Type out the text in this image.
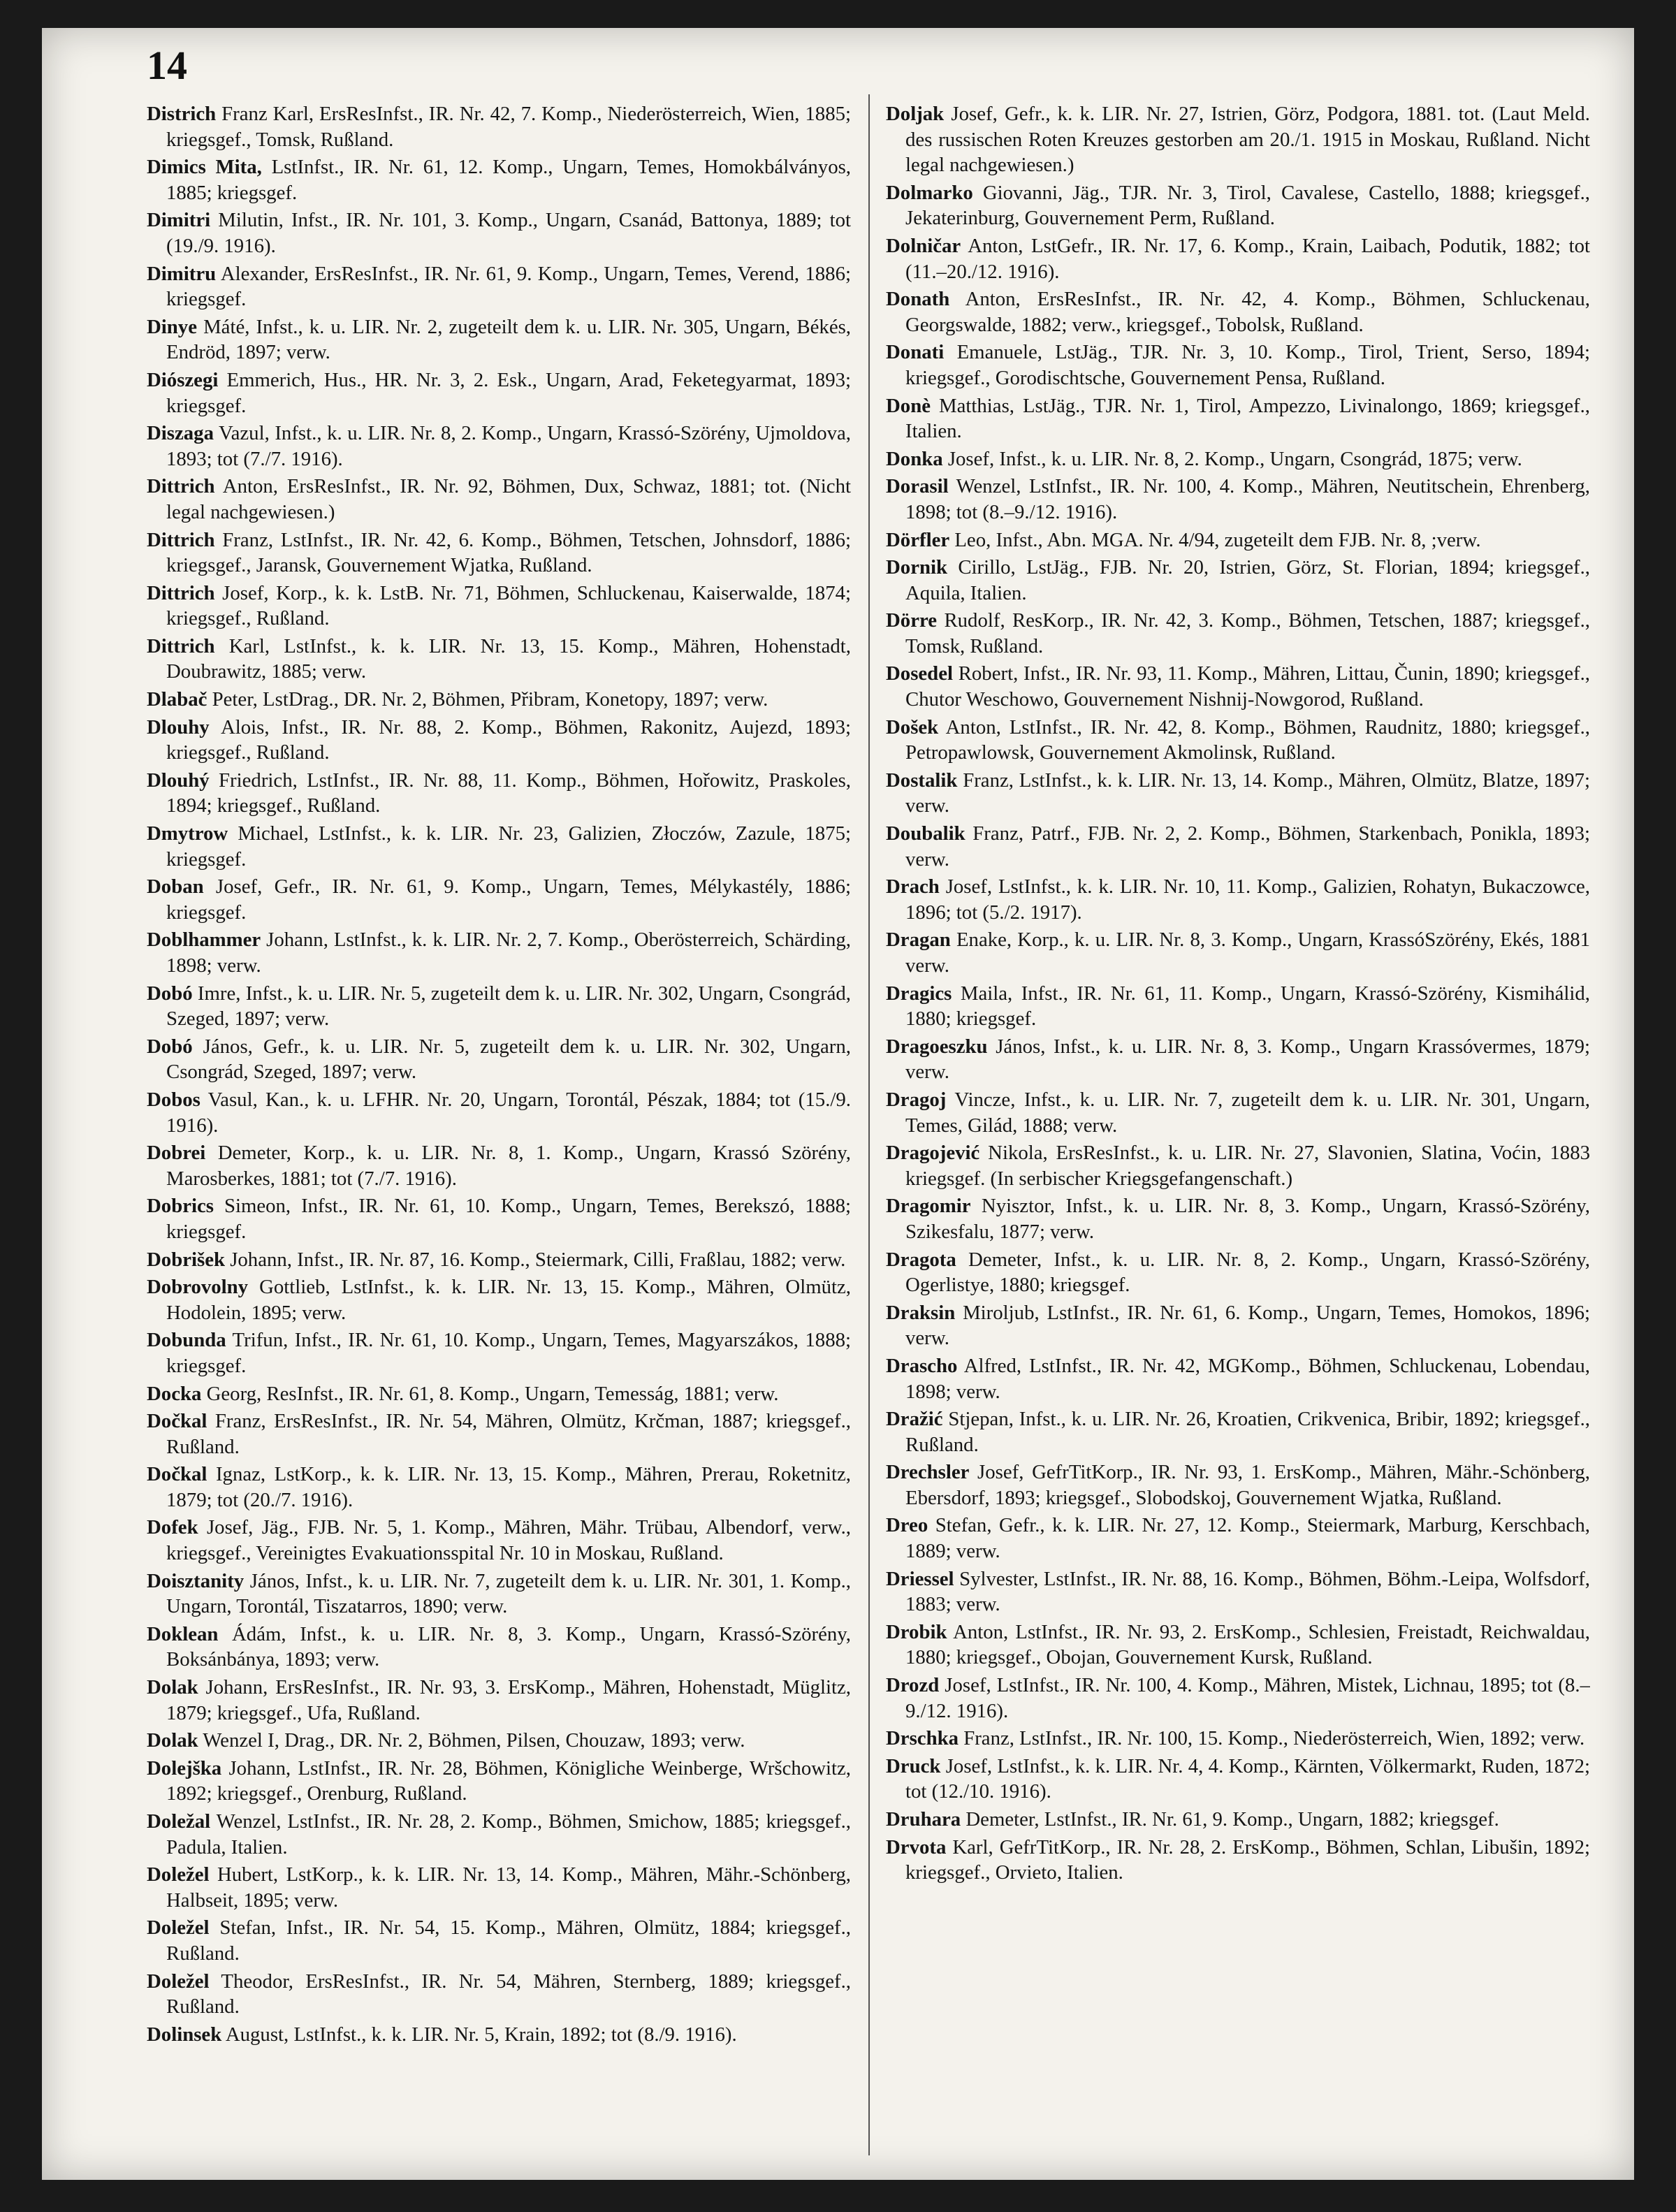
14

Districh Franz Karl, ErsResInfst., IR. Nr. 42, 7. Komp., Niederösterreich, Wien, 1885; kriegsgef., Tomsk, Rußland.

Dimics Mita, LstInfst., IR. Nr. 61, 12. Komp., Ungarn, Temes, Homokbálványos, 1885; kriegsgef.

Dimitri Milutin, Infst., IR. Nr. 101, 3. Komp., Ungarn, Csanád, Battonya, 1889; tot (19./9. 1916).

Dimitru Alexander, ErsResInfst., IR. Nr. 61, 9. Komp., Ungarn, Temes, Verend, 1886; kriegsgef.

Dinye Máté, Infst., k. u. LIR. Nr. 2, zugeteilt dem k. u. LIR. Nr. 305, Ungarn, Békés, Endröd, 1897; verw.

Diószegi Emmerich, Hus., HR. Nr. 3, 2. Esk., Ungarn, Arad, Feketegyarmat, 1893; kriegsgef.

Diszaga Vazul, Infst., k. u. LIR. Nr. 8, 2. Komp., Ungarn, Krassó-Szörény, Ujmoldova, 1893; tot (7./7. 1916).

Dittrich Anton, ErsResInfst., IR. Nr. 92, Böhmen, Dux, Schwaz, 1881; tot. (Nicht legal nachgewiesen.)

Dittrich Franz, LstInfst., IR. Nr. 42, 6. Komp., Böhmen, Tetschen, Johnsdorf, 1886; kriegsgef., Jaransk, Gouvernement Wjatka, Rußland.

Dittrich Josef, Korp., k. k. LstB. Nr. 71, Böhmen, Schluckenau, Kaiserwalde, 1874; kriegsgef., Rußland.

Dittrich Karl, LstInfst., k. k. LIR. Nr. 13, 15. Komp., Mähren, Hohenstadt, Doubrawitz, 1885; verw.

Dlabač Peter, LstDrag., DR. Nr. 2, Böhmen, Přibram, Konetopy, 1897; verw.

Dlouhy Alois, Infst., IR. Nr. 88, 2. Komp., Böhmen, Rakonitz, Aujezd, 1893; kriegsgef., Rußland.

Dlouhý Friedrich, LstInfst., IR. Nr. 88, 11. Komp., Böhmen, Hořowitz, Praskoles, 1894; kriegsgef., Rußland.

Dmytrow Michael, LstInfst., k. k. LIR. Nr. 23, Galizien, Złoczów, Zazule, 1875; kriegsgef.

Doban Josef, Gefr., IR. Nr. 61, 9. Komp., Ungarn, Temes, Mélykastély, 1886; kriegsgef.

Doblhammer Johann, LstInfst., k. k. LIR. Nr. 2, 7. Komp., Oberösterreich, Schärding, 1898; verw.

Dobó Imre, Infst., k. u. LIR. Nr. 5, zugeteilt dem k. u. LIR. Nr. 302, Ungarn, Csongrád, Szeged, 1897; verw.

Dobó János, Gefr., k. u. LIR. Nr. 5, zugeteilt dem k. u. LIR. Nr. 302, Ungarn, Csongrád, Szeged, 1897; verw.

Dobos Vasul, Kan., k. u. LFHR. Nr. 20, Ungarn, Torontál, Pészak, 1884; tot (15./9. 1916).

Dobrei Demeter, Korp., k. u. LIR. Nr. 8, 1. Komp., Ungarn, Krassó Szörény, Marosberkes, 1881; tot (7./7. 1916).

Dobrics Simeon, Infst., IR. Nr. 61, 10. Komp., Ungarn, Temes, Berekszó, 1888; kriegsgef.

Dobrišek Johann, Infst., IR. Nr. 87, 16. Komp., Steiermark, Cilli, Fraßlau, 1882; verw.

Dobrovolny Gottlieb, LstInfst., k. k. LIR. Nr. 13, 15. Komp., Mähren, Olmütz, Hodolein, 1895; verw.

Dobunda Trifun, Infst., IR. Nr. 61, 10. Komp., Ungarn, Temes, Magyarszákos, 1888; kriegsgef.

Docka Georg, ResInfst., IR. Nr. 61, 8. Komp., Ungarn, Temesság, 1881; verw.

Dočkal Franz, ErsResInfst., IR. Nr. 54, Mähren, Olmütz, Krčman, 1887; kriegsgef., Rußland.

Dočkal Ignaz, LstKorp., k. k. LIR. Nr. 13, 15. Komp., Mähren, Prerau, Roketnitz, 1879; tot (20./7. 1916).

Dofek Josef, Jäg., FJB. Nr. 5, 1. Komp., Mähren, Mähr. Trübau, Albendorf, verw., kriegsgef., Vereinigtes Evakuationsspital Nr. 10 in Moskau, Rußland.

Doisztanity János, Infst., k. u. LIR. Nr. 7, zugeteilt dem k. u. LIR. Nr. 301, 1. Komp., Ungarn, Torontál, Tiszatarros, 1890; verw.

Doklean Ádám, Infst., k. u. LIR. Nr. 8, 3. Komp., Ungarn, Krassó-Szörény, Boksánbánya, 1893; verw.

Dolak Johann, ErsResInfst., IR. Nr. 93, 3. ErsKomp., Mähren, Hohenstadt, Müglitz, 1879; kriegsgef., Ufa, Rußland.

Dolak Wenzel I, Drag., DR. Nr. 2, Böhmen, Pilsen, Chouzaw, 1893; verw.

Dolejška Johann, LstInfst., IR. Nr. 28, Böhmen, Königliche Weinberge, Wršchowitz, 1892; kriegsgef., Orenburg, Rußland.

Doležal Wenzel, LstInfst., IR. Nr. 28, 2. Komp., Böhmen, Smichow, 1885; kriegsgef., Padula, Italien.

Doležel Hubert, LstKorp., k. k. LIR. Nr. 13, 14. Komp., Mähren, Mähr.-Schönberg, Halbseit, 1895; verw.

Doležel Stefan, Infst., IR. Nr. 54, 15. Komp., Mähren, Olmütz, 1884; kriegsgef., Rußland.

Doležel Theodor, ErsResInfst., IR. Nr. 54, Mähren, Sternberg, 1889; kriegsgef., Rußland.

Dolinsek August, LstInfst., k. k. LIR. Nr. 5, Krain, 1892; tot (8./9. 1916).

Doljak Josef, Gefr., k. k. LIR. Nr. 27, Istrien, Görz, Podgora, 1881. tot. (Laut Meld. des russischen Roten Kreuzes gestorben am 20./1. 1915 in Moskau, Rußland. Nicht legal nachgewiesen.)

Dolmarko Giovanni, Jäg., TJR. Nr. 3, Tirol, Cavalese, Castello, 1888; kriegsgef., Jekaterinburg, Gouvernement Perm, Rußland.

Dolničar Anton, LstGefr., IR. Nr. 17, 6. Komp., Krain, Laibach, Podutik, 1882; tot (11.–20./12. 1916).

Donath Anton, ErsResInfst., IR. Nr. 42, 4. Komp., Böhmen, Schluckenau, Georgswalde, 1882; verw., kriegsgef., Tobolsk, Rußland.

Donati Emanuele, LstJäg., TJR. Nr. 3, 10. Komp., Tirol, Trient, Serso, 1894; kriegsgef., Gorodischtsche, Gouvernement Pensa, Rußland.

Donè Matthias, LstJäg., TJR. Nr. 1, Tirol, Ampezzo, Livinalongo, 1869; kriegsgef., Italien.

Donka Josef, Infst., k. u. LIR. Nr. 8, 2. Komp., Ungarn, Csongrád, 1875; verw.

Dorasil Wenzel, LstInfst., IR. Nr. 100, 4. Komp., Mähren, Neutitschein, Ehrenberg, 1898; tot (8.–9./12. 1916).

Dörfler Leo, Infst., Abn. MGA. Nr. 4/94, zugeteilt dem FJB. Nr. 8, ;verw.

Dornik Cirillo, LstJäg., FJB. Nr. 20, Istrien, Görz, St. Florian, 1894; kriegsgef., Aquila, Italien.

Dörre Rudolf, ResKorp., IR. Nr. 42, 3. Komp., Böhmen, Tetschen, 1887; kriegsgef., Tomsk, Rußland.

Dosedel Robert, Infst., IR. Nr. 93, 11. Komp., Mähren, Littau, Čunin, 1890; kriegsgef., Chutor Weschowo, Gouvernement Nishnij-Nowgorod, Rußland.

Došek Anton, LstInfst., IR. Nr. 42, 8. Komp., Böhmen, Raudnitz, 1880; kriegsgef., Petropawlowsk, Gouvernement Akmolinsk, Rußland.

Dostalik Franz, LstInfst., k. k. LIR. Nr. 13, 14. Komp., Mähren, Olmütz, Blatze, 1897; verw.

Doubalik Franz, Patrf., FJB. Nr. 2, 2. Komp., Böhmen, Starkenbach, Ponikla, 1893; verw.

Drach Josef, LstInfst., k. k. LIR. Nr. 10, 11. Komp., Galizien, Rohatyn, Bukaczowce, 1896; tot (5./2. 1917).

Dragan Enake, Korp., k. u. LIR. Nr. 8, 3. Komp., Ungarn, KrassóSzörény, Ekés, 1881 verw.

Dragics Maila, Infst., IR. Nr. 61, 11. Komp., Ungarn, Krassó-Szörény, Kismihálid, 1880; kriegsgef.

Dragoeszku János, Infst., k. u. LIR. Nr. 8, 3. Komp., Ungarn Krassóvermes, 1879; verw.

Dragoj Vincze, Infst., k. u. LIR. Nr. 7, zugeteilt dem k. u. LIR. Nr. 301, Ungarn, Temes, Gilád, 1888; verw.

Dragojević Nikola, ErsResInfst., k. u. LIR. Nr. 27, Slavonien, Slatina, Voćin, 1883 kriegsgef. (In serbischer Kriegsgefangenschaft.)

Dragomir Nyisztor, Infst., k. u. LIR. Nr. 8, 3. Komp., Ungarn, Krassó-Szörény, Szikesfalu, 1877; verw.

Dragota Demeter, Infst., k. u. LIR. Nr. 8, 2. Komp., Ungarn, Krassó-Szörény, Ogerlistye, 1880; kriegsgef.

Draksin Miroljub, LstInfst., IR. Nr. 61, 6. Komp., Ungarn, Temes, Homokos, 1896; verw.

Drascho Alfred, LstInfst., IR. Nr. 42, MGKomp., Böhmen, Schluckenau, Lobendau, 1898; verw.

Dražić Stjepan, Infst., k. u. LIR. Nr. 26, Kroatien, Crikvenica, Bribir, 1892; kriegsgef., Rußland.

Drechsler Josef, GefrTitKorp., IR. Nr. 93, 1. ErsKomp., Mähren, Mähr.-Schönberg, Ebersdorf, 1893; kriegsgef., Slobodskoj, Gouvernement Wjatka, Rußland.

Dreo Stefan, Gefr., k. k. LIR. Nr. 27, 12. Komp., Steiermark, Marburg, Kerschbach, 1889; verw.

Driessel Sylvester, LstInfst., IR. Nr. 88, 16. Komp., Böhmen, Böhm.-Leipa, Wolfsdorf, 1883; verw.

Drobik Anton, LstInfst., IR. Nr. 93, 2. ErsKomp., Schlesien, Freistadt, Reichwaldau, 1880; kriegsgef., Obojan, Gouvernement Kursk, Rußland.

Drozd Josef, LstInfst., IR. Nr. 100, 4. Komp., Mähren, Mistek, Lichnau, 1895; tot (8.–9./12. 1916).

Drschka Franz, LstInfst., IR. Nr. 100, 15. Komp., Niederösterreich, Wien, 1892; verw.

Druck Josef, LstInfst., k. k. LIR. Nr. 4, 4. Komp., Kärnten, Völkermarkt, Ruden, 1872; tot (12./10. 1916).

Druhara Demeter, LstInfst., IR. Nr. 61, 9. Komp., Ungarn, 1882; kriegsgef.

Drvota Karl, GefrTitKorp., IR. Nr. 28, 2. ErsKomp., Böhmen, Schlan, Libušin, 1892; kriegsgef., Orvieto, Italien.
